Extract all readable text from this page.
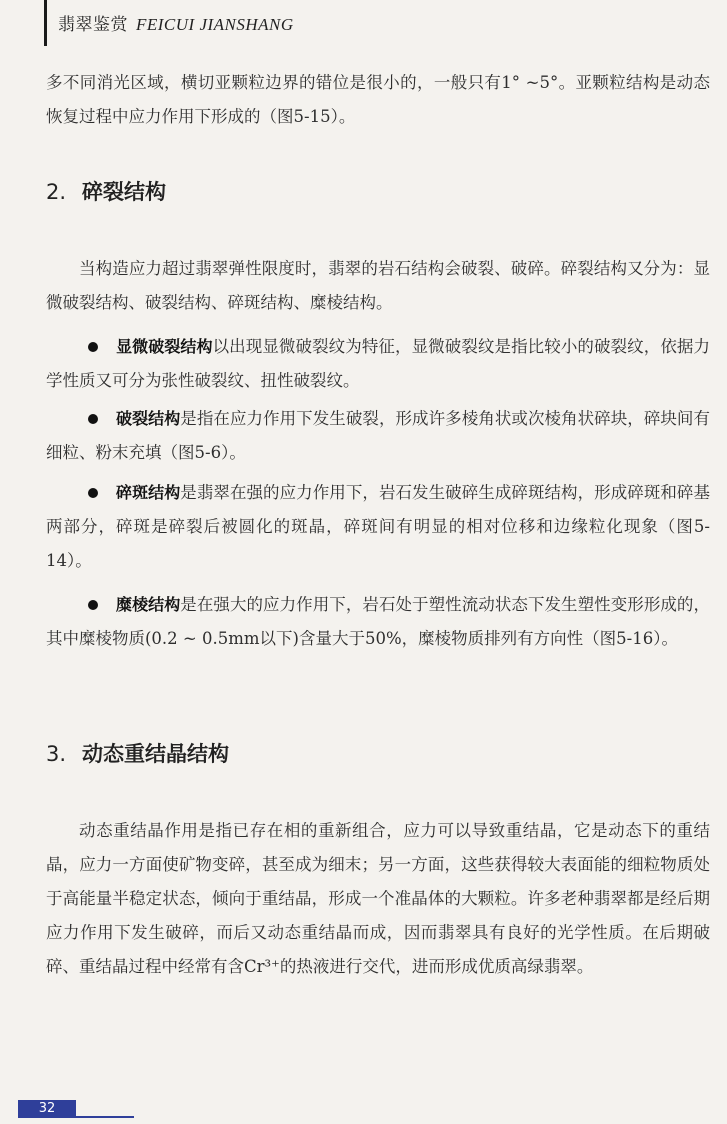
翡翠鉴赏 FEICUI JIANSHANG
多不同消光区域，横切亚颗粒边界的错位是很小的，一般只有1° ~5°。亚颗粒结构是动态恢复过程中应力作用下形成的（图5-15）。
2. 碎裂结构
当构造应力超过翡翠弹性限度时，翡翠的岩石结构会破裂、破碎。碎裂结构又分为：显微破裂结构、破裂结构、碎斑结构、糜棱结构。
显微破裂结构以出现显微破裂纹为特征，显微破裂纹是指比较小的破裂纹，依据力学性质又可分为张性破裂纹、扭性破裂纹。
破裂结构是指在应力作用下发生破裂，形成许多棱角状或次棱角状碎块，碎块间有细粒、粉末充填（图5-6）。
碎斑结构是翡翠在强的应力作用下，岩石发生破碎生成碎斑结构，形成碎斑和碎基两部分，碎斑是碎裂后被圆化的斑晶，碎斑间有明显的相对位移和边缘粒化现象（图5-14）。
糜棱结构是在强大的应力作用下，岩石处于塑性流动状态下发生塑性变形形成的，其中糜棱物质(0.2 ~ 0.5mm以下)含量大于50%，糜棱物质排列有方向性（图5-16）。
3. 动态重结晶结构
动态重结晶作用是指已存在相的重新组合，应力可以导致重结晶，它是动态下的重结晶，应力一方面使矿物变碎，甚至成为细末；另一方面，这些获得较大表面能的细粒物质处于高能量半稳定状态，倾向于重结晶，形成一个准晶体的大颗粒。许多老种翡翠都是经后期应力作用下发生破碎，而后又动态重结晶而成，因而翡翠具有良好的光学性质。在后期破碎、重结晶过程中经常有含Cr³⁺的热液进行交代，进而形成优质高绿翡翠。
32
